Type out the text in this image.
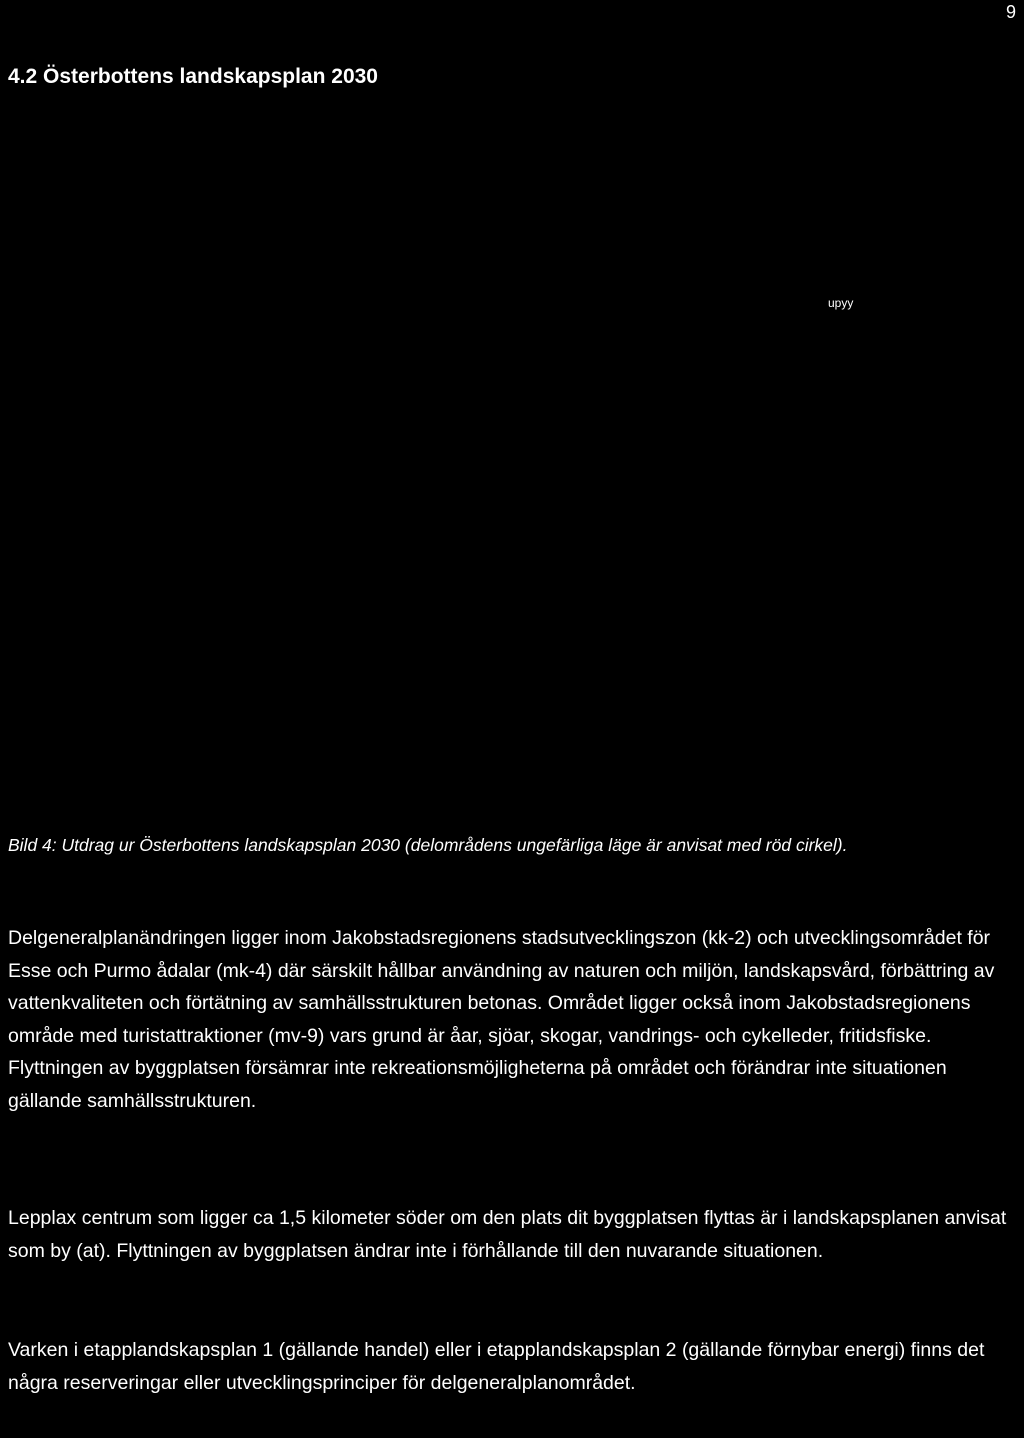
9
4.2 Österbottens landskapsplan 2030
upyy

Bild 4: Utdrag ur Österbottens landskapsplan 2030 (delområdens ungefärliga läge är anvisat med röd cirkel).

Delgeneralplanändringen ligger inom Jakobstadsregionens stadsutvecklingszon (kk-2) och utvecklingsområdet för Esse och Purmo ådalar (mk-4) där särskilt hållbar användning av naturen och miljön, landskapsvård, förbättring av vattenkvaliteten och förtätning av samhällsstrukturen betonas. Området ligger också inom Jakobstadsregionens område med turistattraktioner (mv-9) vars grund är åar, sjöar, skogar, vandrings- och cykelleder, fritidsfiske. Flyttningen av byggplatsen försämrar inte rekreationsmöjligheterna på området och förändrar inte situationen gällande samhällsstrukturen.

Lepplax centrum som ligger ca 1,5 kilometer söder om den plats dit byggplatsen flyttas är i landskapsplanen anvisat som by (at). Flyttningen av byggplatsen ändrar inte i förhållande till den nuvarande situationen.

Varken i etapplandskapsplan 1 (gällande handel) eller i etapplandskapsplan 2 (gällande förnybar energi) finns det några reserveringar eller utvecklingsprinciper för delgeneralplanområdet.
